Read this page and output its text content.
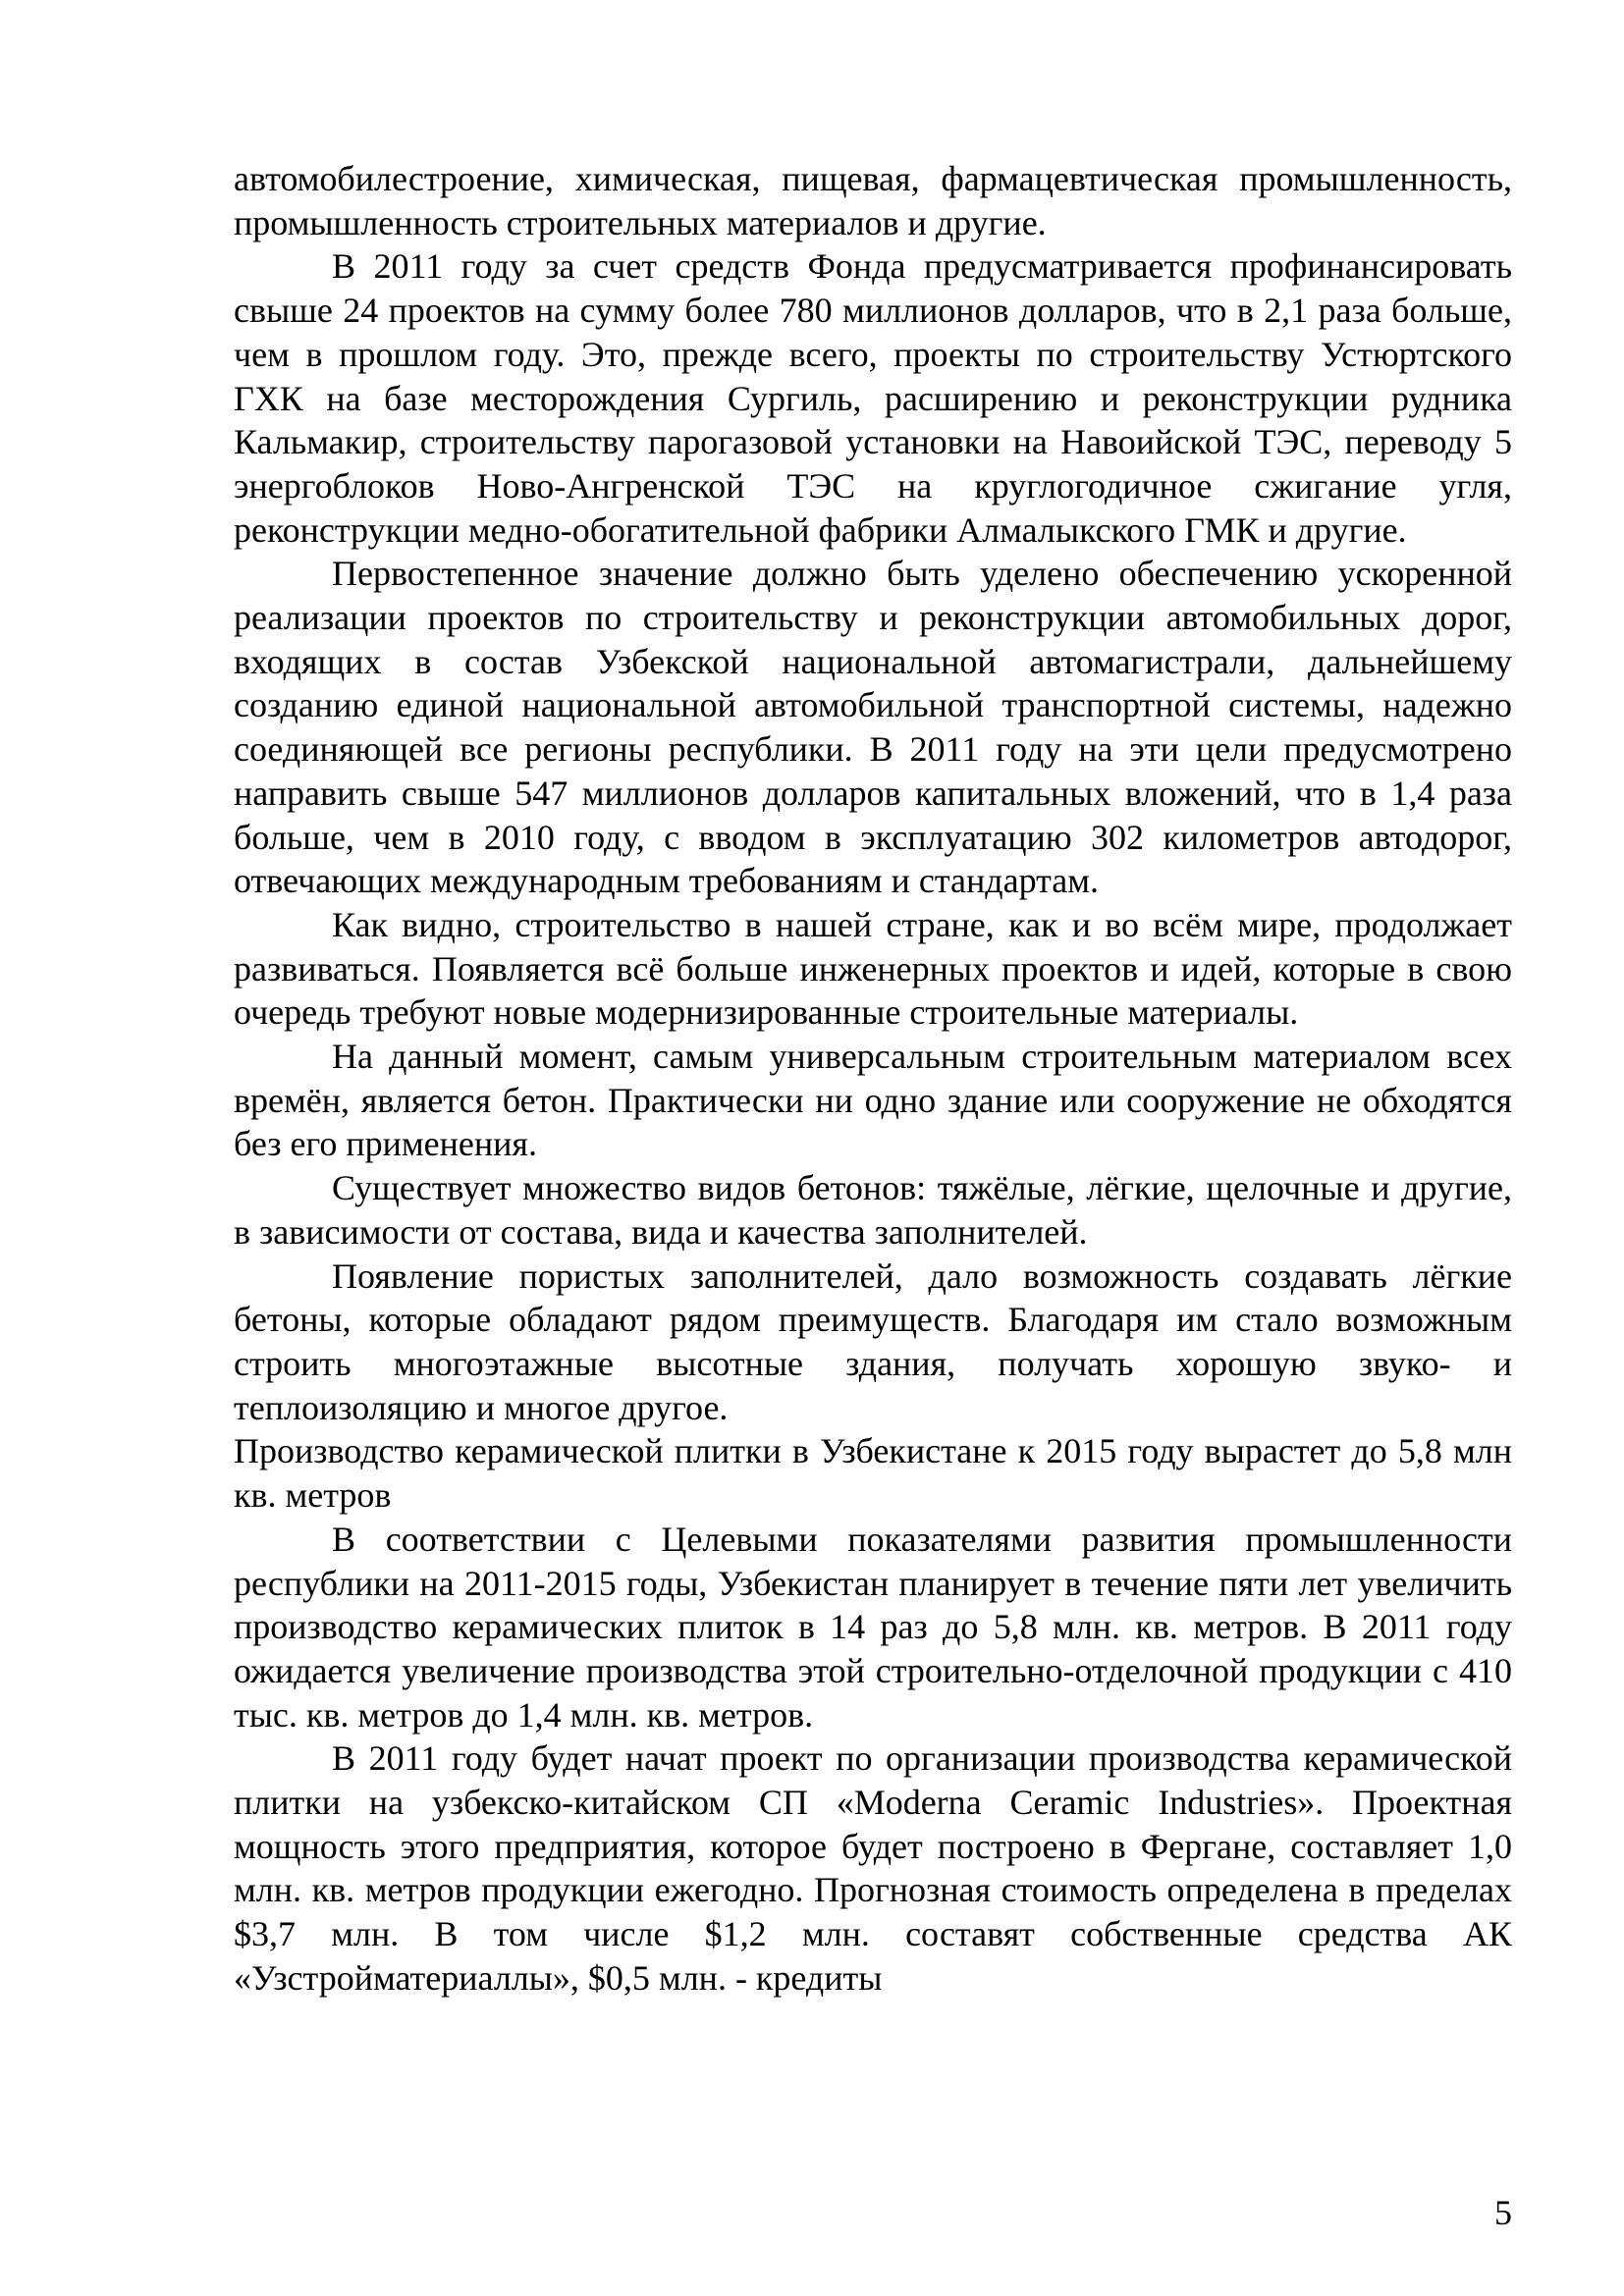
автомобилестроение, химическая, пищевая, фармацевтическая промышленность, промышленность строительных материалов и другие.

В 2011 году за счет средств Фонда предусматривается профинансировать свыше 24 проектов на сумму более 780 миллионов долларов, что в 2,1 раза больше, чем в прошлом году. Это, прежде всего, проекты по строительству Устюртского ГХК на базе месторождения Сургиль, расширению и реконструкции рудника Кальмакир, строительству парогазовой установки на Навоийской ТЭС, переводу 5 энергоблоков Ново-Ангренской ТЭС на круглогодичное сжигание угля, реконструкции медно-обогатительной фабрики Алмалыкского ГМК и другие.

Первостепенное значение должно быть уделено обеспечению ускоренной реализации проектов по строительству и реконструкции автомобильных дорог, входящих в состав Узбекской национальной автомагистрали, дальнейшему созданию единой национальной автомобильной транспортной системы, надежно соединяющей все регионы республики. В 2011 году на эти цели предусмотрено направить свыше 547 миллионов долларов капитальных вложений, что в 1,4 раза больше, чем в 2010 году, с вводом в эксплуатацию 302 километров автодорог, отвечающих международным требованиям и стандартам.

Как видно, строительство в нашей стране, как и во всём мире, продолжает развиваться. Появляется всё больше инженерных проектов и идей, которые в свою очередь требуют новые модернизированные строительные материалы.

На данный момент, самым универсальным строительным материалом всех времён, является бетон. Практически ни одно здание или сооружение не обходятся без его применения.

Существует множество видов бетонов: тяжёлые, лёгкие, щелочные и другие, в зависимости от состава, вида и качества заполнителей.

Появление пористых заполнителей, дало возможность создавать лёгкие бетоны, которые обладают рядом преимуществ. Благодаря им стало возможным строить многоэтажные высотные здания, получать хорошую звуко- и теплоизоляцию и многое другое.

Производство керамической плитки в Узбекистане к 2015 году вырастет до 5,8 млн кв. метров

В соответствии с Целевыми показателями развития промышленности республики на 2011-2015 годы, Узбекистан планирует в течение пяти лет увеличить производство керамических плиток в 14 раз до 5,8 млн. кв. метров. В 2011 году ожидается увеличение производства этой строительно-отделочной продукции с 410 тыс. кв. метров до 1,4 млн. кв. метров.

В 2011 году будет начат проект по организации производства керамической плитки на узбекско-китайском СП «Moderna Ceramic Industries». Проектная мощность этого предприятия, которое будет построено в Фергане, составляет 1,0 млн. кв. метров продукции ежегодно. Прогнозная стоимость определена в пределах $3,7 млн. В том числе $1,2 млн. составят собственные средства АК «Узстройматериаллы», $0,5 млн. - кредиты

5
